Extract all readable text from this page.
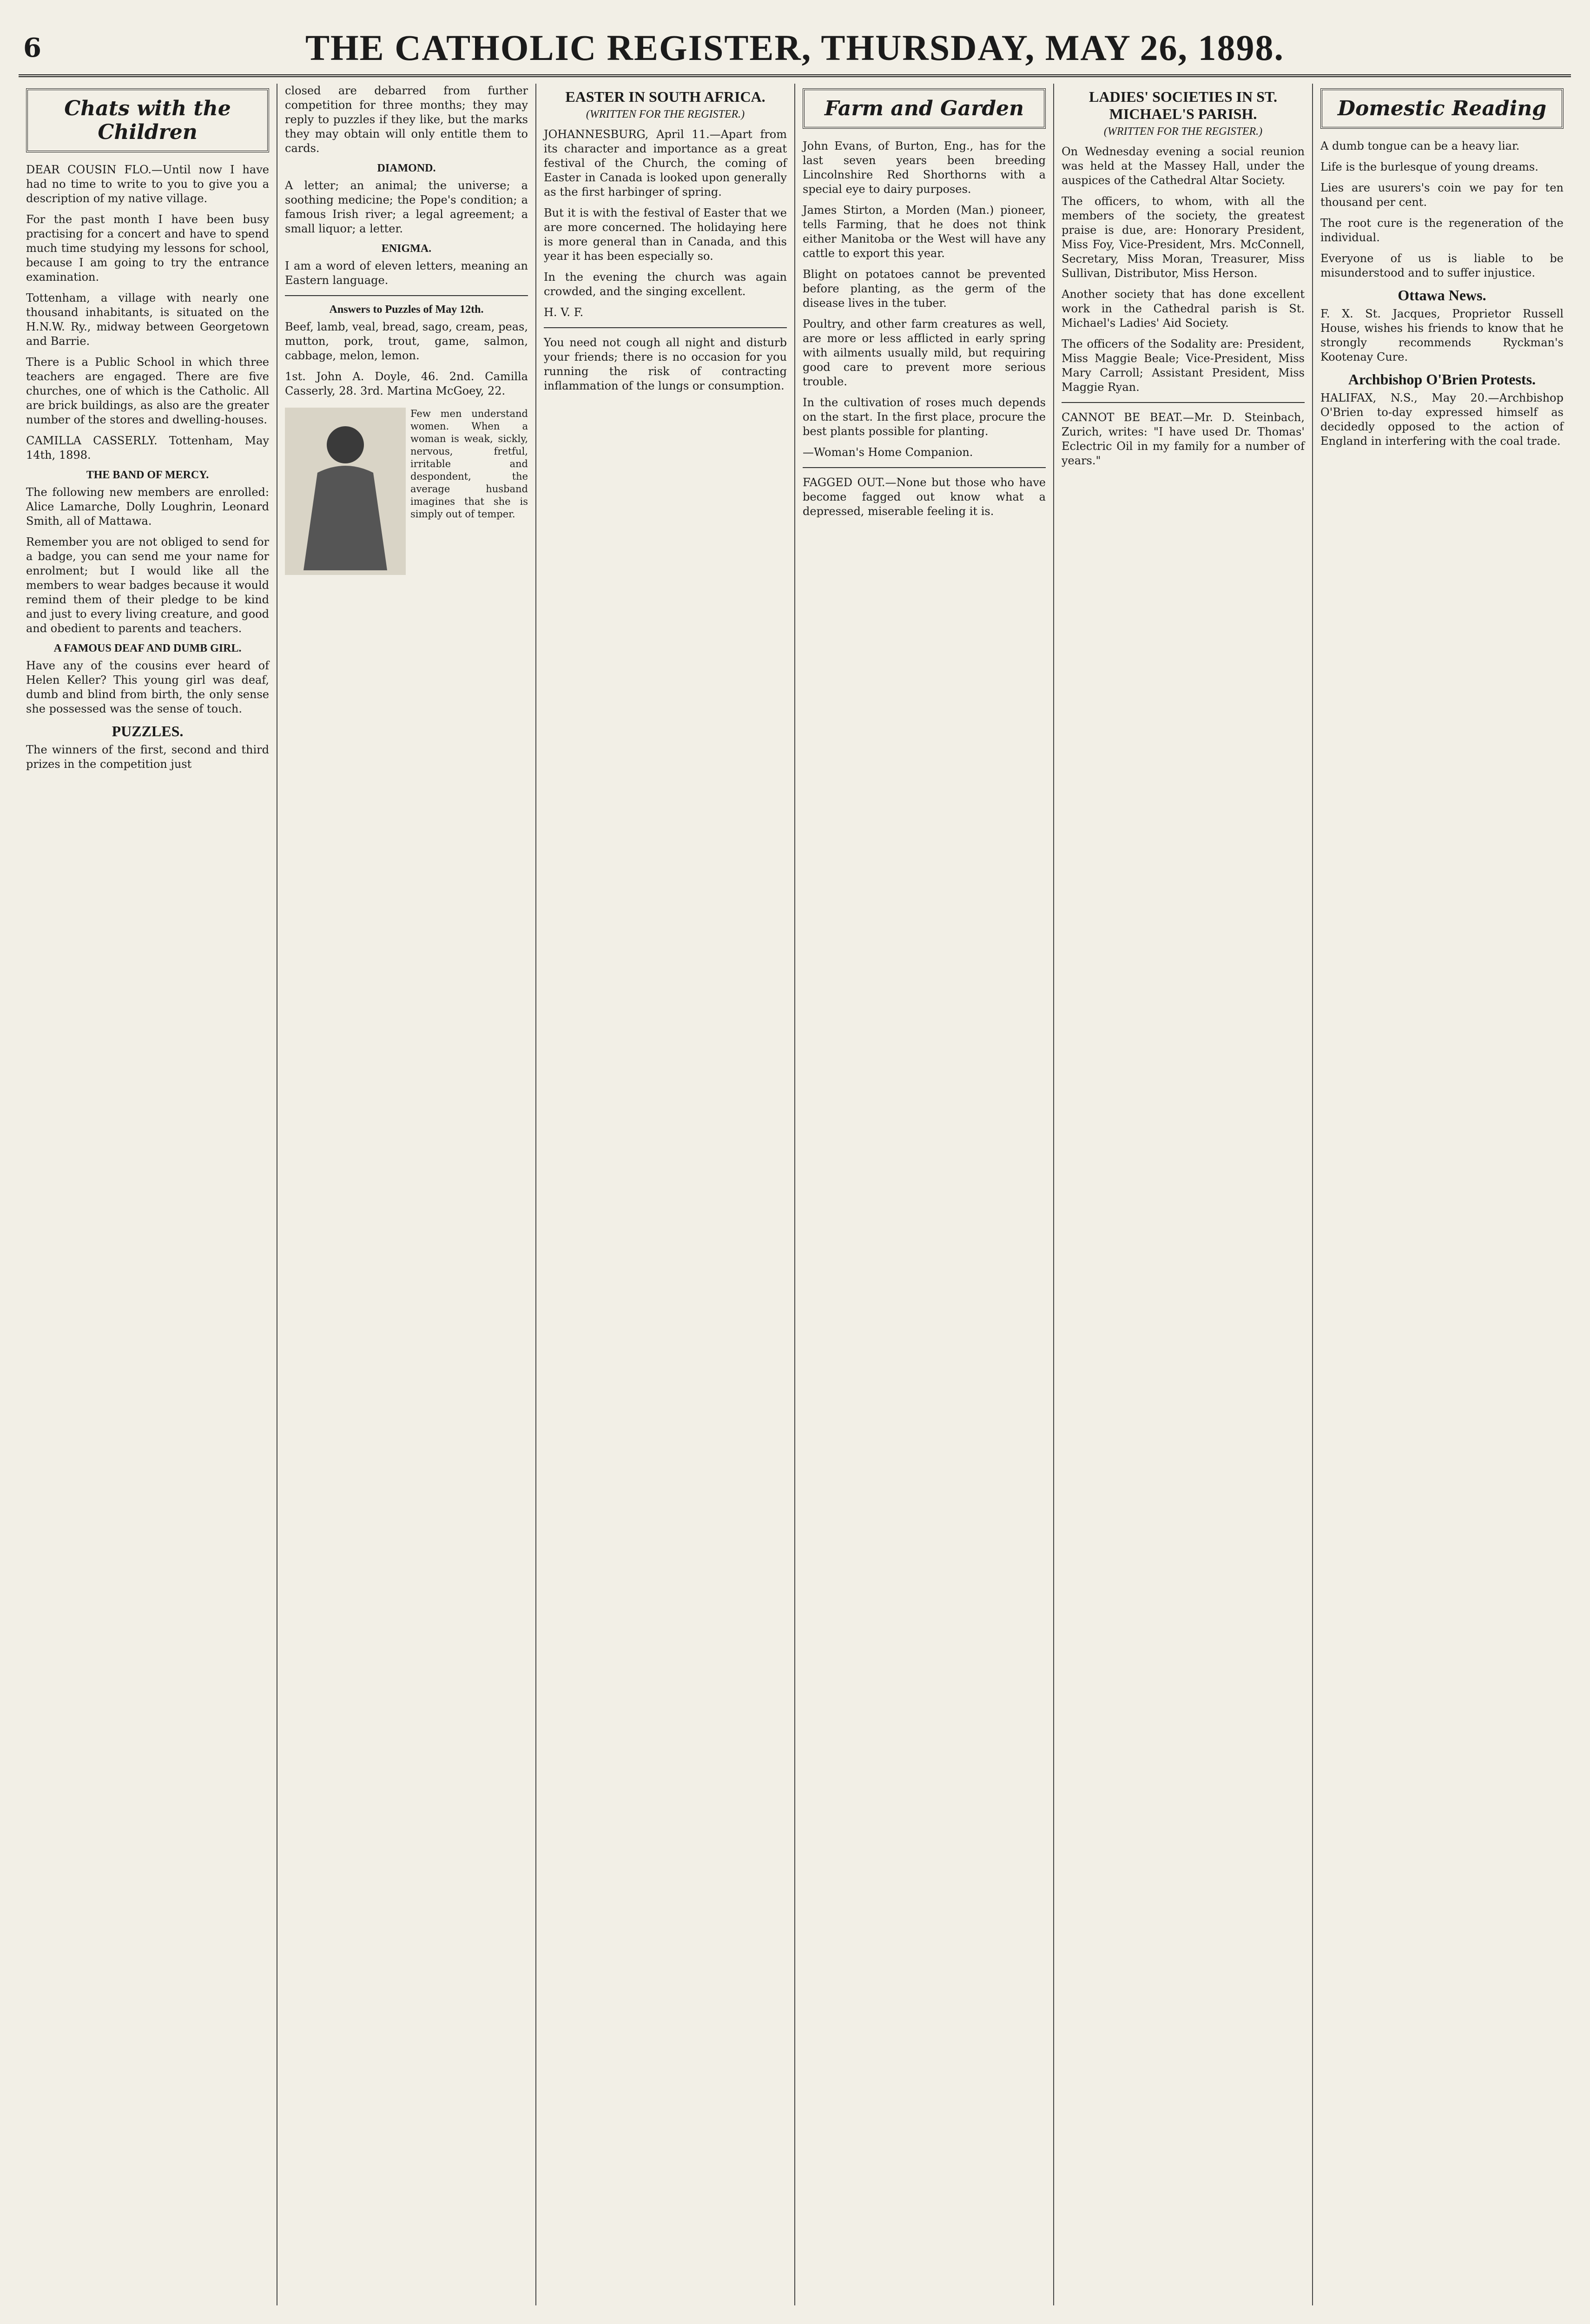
6	THE CATHOLIC REGISTER, THURSDAY, MAY 26, 1898.
Chats with the Children

DEAR COUSIN FLO.—Until now I have had no time to write to you to give you a description of my native village.

For the past month I have been busy practising for a concert and have to spend much time studying my lessons for school, because I am going to try the entrance examination.

Tottenham, a village with nearly one thousand inhabitants, is situated on the H.N.W. Ry., midway between Georgetown and Barrie.

There is a Public School in which three teachers are engaged. There are five churches, one of which is the Catholic. All are brick buildings, as also are the greater number of the stores and dwelling-houses.

CAMILLA CASSERLY. Tottenham, May 14th, 1898.

THE BAND OF MERCY.

The following new members are enrolled: Alice Lamarche, Dolly Loughrin, Leonard Smith, all of Mattawa.

Remember you are not obliged to send for a badge, you can send me your name for enrolment; but I would like all the members to wear badges because it would remind them of their pledge to be kind and just to every living creature, and good and obedient to parents and teachers.

A FAMOUS DEAF AND DUMB GIRL.

Have any of the cousins ever heard of Helen Keller? This young girl was deaf, dumb and blind from birth, the only sense she possessed was the sense of touch.

PUZZLES.

The winners of the first, second and third prizes in the competition just

closed are debarred from further competition for three months; they may reply to puzzles if they like, but the marks they may obtain will only entitle them to cards.

DIAMOND.

A letter; an animal; the universe; a soothing medicine; the Pope's condition; a famous Irish river; a legal agreement; a small liquor; a letter.

ENIGMA.

I am a word of eleven letters, meaning an Eastern language.

Answers to Puzzles of May 12th.

Beef, lamb, veal, bread, sago, cream, peas, mutton, pork, trout, game, salmon, cabbage, melon, lemon.

1st. John A. Doyle, 46. 2nd. Camilla Casserly, 28. 3rd. Martina McGoey, 22.

Few men understand women. When a woman is weak, sickly, nervous, fretful, irritable and despondent, the average husband imagines that she is simply out of temper.

EASTER IN SOUTH AFRICA.
(WRITTEN FOR THE REGISTER.)

JOHANNESBURG, April 11.—Apart from its character and importance as a great festival of the Church, the coming of Easter in Canada is looked upon generally as the first harbinger of spring.

But it is with the festival of Easter that we are more concerned. The holidaying here is more general than in Canada, and this year it has been especially so.

In the evening the church was again crowded, and the singing excellent.

H. V. F.

You need not cough all night and disturb your friends; there is no occasion for you running the risk of contracting inflammation of the lungs or consumption.

Farm and Garden

John Evans, of Burton, Eng., has for the last seven years been breeding Lincolnshire Red Shorthorns with a special eye to dairy purposes.

James Stirton, a Morden (Man.) pioneer, tells Farming, that he does not think either Manitoba or the West will have any cattle to export this year.

Blight on potatoes cannot be prevented before planting, as the germ of the disease lives in the tuber.

Poultry, and other farm creatures as well, are more or less afflicted in early spring with ailments usually mild, but requiring good care to prevent more serious trouble.

In the cultivation of roses much depends on the start. In the first place, procure the best plants possible for planting.

—Woman's Home Companion.

FAGGED OUT.—None but those who have become fagged out know what a depressed, miserable feeling it is.

LADIES' SOCIETIES IN ST. MICHAEL'S PARISH.
(WRITTEN FOR THE REGISTER.)

On Wednesday evening a social reunion was held at the Massey Hall, under the auspices of the Cathedral Altar Society.

The officers, to whom, with all the members of the society, the greatest praise is due, are: Honorary President, Miss Foy, Vice-President, Mrs. McConnell, Secretary, Miss Moran, Treasurer, Miss Sullivan, Distributor, Miss Herson.

Another society that has done excellent work in the Cathedral parish is St. Michael's Ladies' Aid Society.

The officers of the Sodality are: President, Miss Maggie Beale; Vice-President, Miss Mary Carroll; Assistant President, Miss Maggie Ryan.

CANNOT BE BEAT.—Mr. D. Steinbach, Zurich, writes: "I have used Dr. Thomas' Eclectric Oil in my family for a number of years."

Domestic Reading

A dumb tongue can be a heavy liar.

Life is the burlesque of young dreams.

Lies are usurers's coin we pay for ten thousand per cent.

The root cure is the regeneration of the individual.

Everyone of us is liable to be misunderstood and to suffer injustice.

Ottawa News.

F. X. St. Jacques, Proprietor Russell House, wishes his friends to know that he strongly recommends Ryckman's Kootenay Cure.

Archbishop O'Brien Protests.

HALIFAX, N.S., May 20.—Archbishop O'Brien to-day expressed himself as decidedly opposed to the action of England in interfering with the coal trade.
